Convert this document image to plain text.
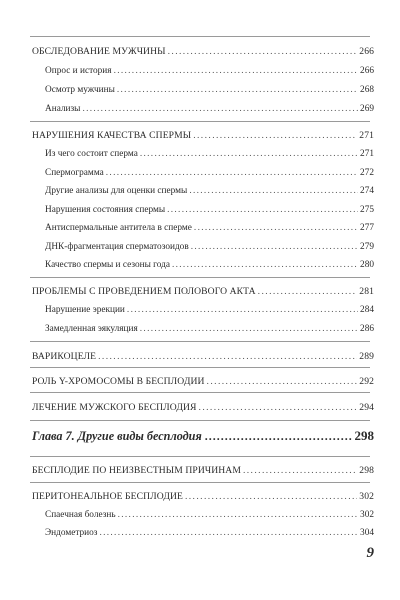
ОБСЛЕДОВАНИЕ МУЖЧИНЫ . . .	266
Опрос и история . . .	266
Осмотр мужчины . . .	268
Анализы . . .	269
НАРУШЕНИЯ КАЧЕСТВА СПЕРМЫ . . .	271
Из чего состоит сперма . . .	271
Спермограмма . . .	272
Другие анализы для оценки спермы . . .	274
Нарушения состояния спермы . . .	275
Антиспермальные антитела в сперме . . .	277
ДНК-фрагментация сперматозоидов . . .	279
Качество спермы и сезоны года . . .	280
ПРОБЛЕМЫ С ПРОВЕДЕНИЕМ ПОЛОВОГО АКТА . . .	281
Нарушение эрекции . . .	284
Замедленная эякуляция . . .	286
ВАРИКОЦЕЛЕ . . .	289
РОЛЬ Y-ХРОМОСОМЫ В БЕСПЛОДИИ . . .	292
ЛЕЧЕНИЕ МУЖСКОГО БЕСПЛОДИЯ . . .	294
Глава 7. Другие виды бесплодия . . .	298
БЕСПЛОДИЕ ПО НЕИЗВЕСТНЫМ ПРИЧИНАМ . . .	298
ПЕРИТОНЕАЛЬНОЕ БЕСПЛОДИЕ . . .	302
Спаечная болезнь . . .	302
Эндометриоз . . .	304
9
